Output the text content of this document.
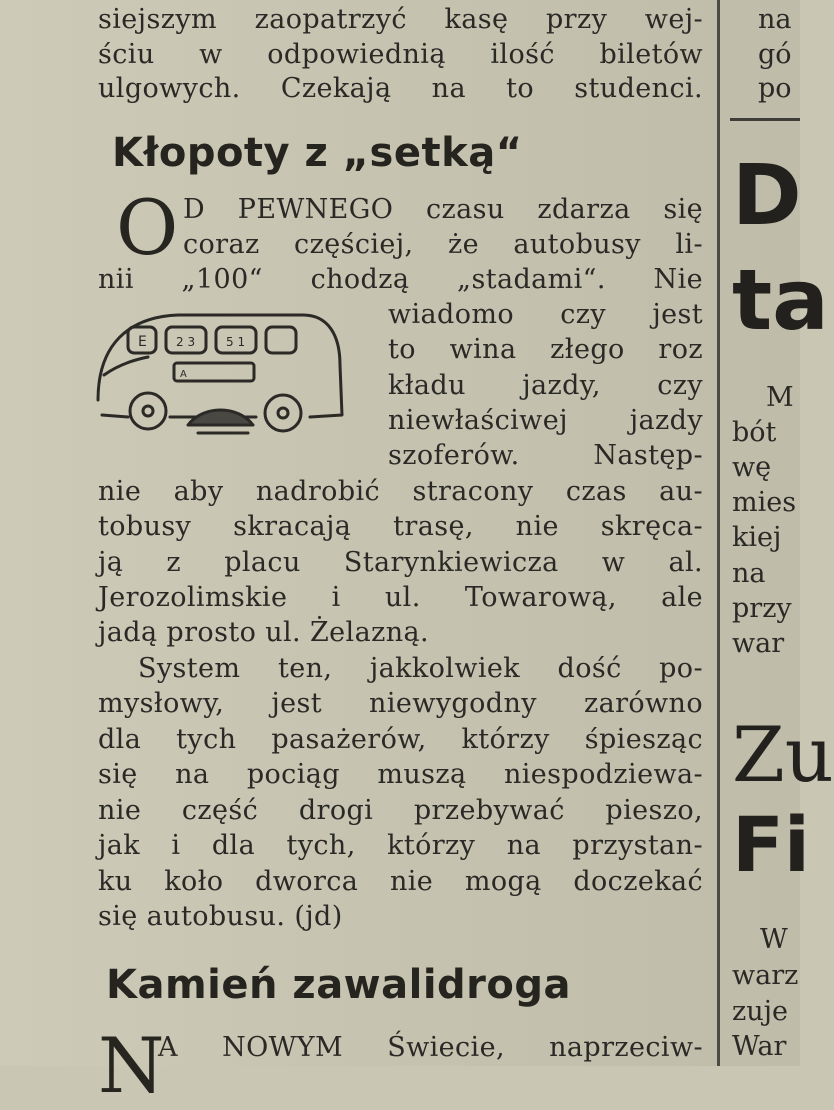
siejszym zaopatrzyć kasę przy wej-
ściu w odpowiednią ilość biletów
ulgowych. Czekają na to studenci.
Kłopoty z „setką“
O D PEWNEGO czasu zdarza się
coraz częściej, że autobusy li-
nii „100“ chodzą „stadami“. Nie
A
E 2 3	5 1
wiadomo czy jest
to wina złego roz
kładu jazdy, czy
niewłaściwej jazdy
szoferów. Następ-
nie aby nadrobić stracony czas au-
tobusy skracają trasę, nie skręca-
ją z placu Starynkiewicza w al.
Jerozolimskie i ul. Towarową, ale
jadą prosto ul. Żelazną.
System ten, jakkolwiek dość po-
mysłowy, jest niewygodny zarówno
dla tych pasażerów, którzy śpiesząc
się na pociąg muszą niespodziewa-
nie część drogi przebywać pieszo,
jak i dla tych, którzy na przystan-
ku koło dworca nie mogą doczekać
się autobusu. (jd)
Kamień zawalidroga
N
A NOWYM Świecie, naprzeciw-
na
gó
po
D
ta
M
bót
wę
mies
kiej
na
przy
war
Zu
Fi
W
warz
zuje
War
